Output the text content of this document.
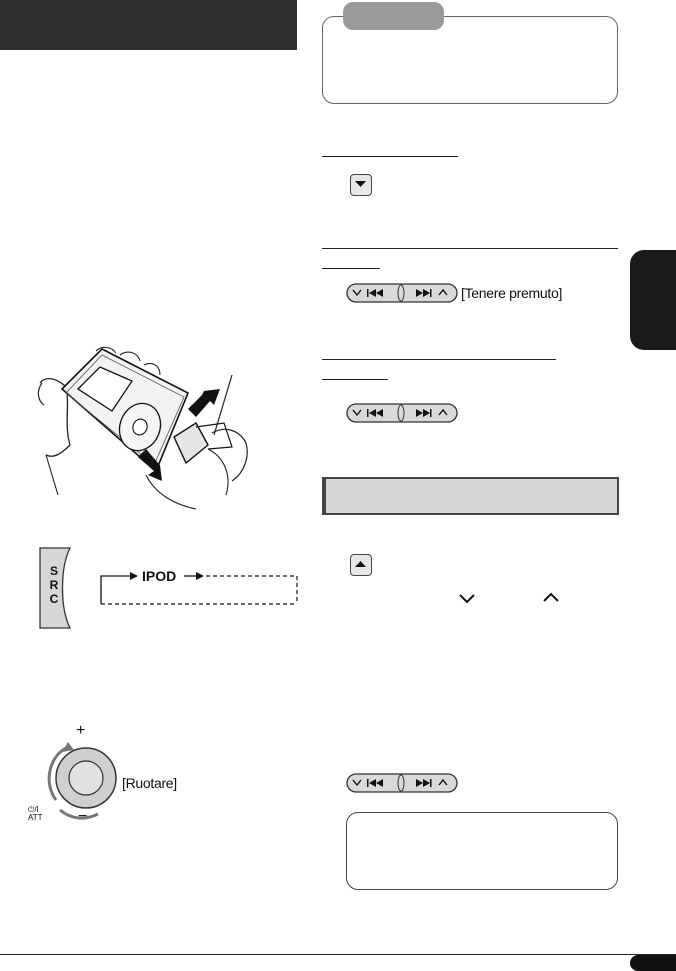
[Tenere premuto]
S
R
C
IPOD
+
−
⏻/I
ATT
[Ruotare]
